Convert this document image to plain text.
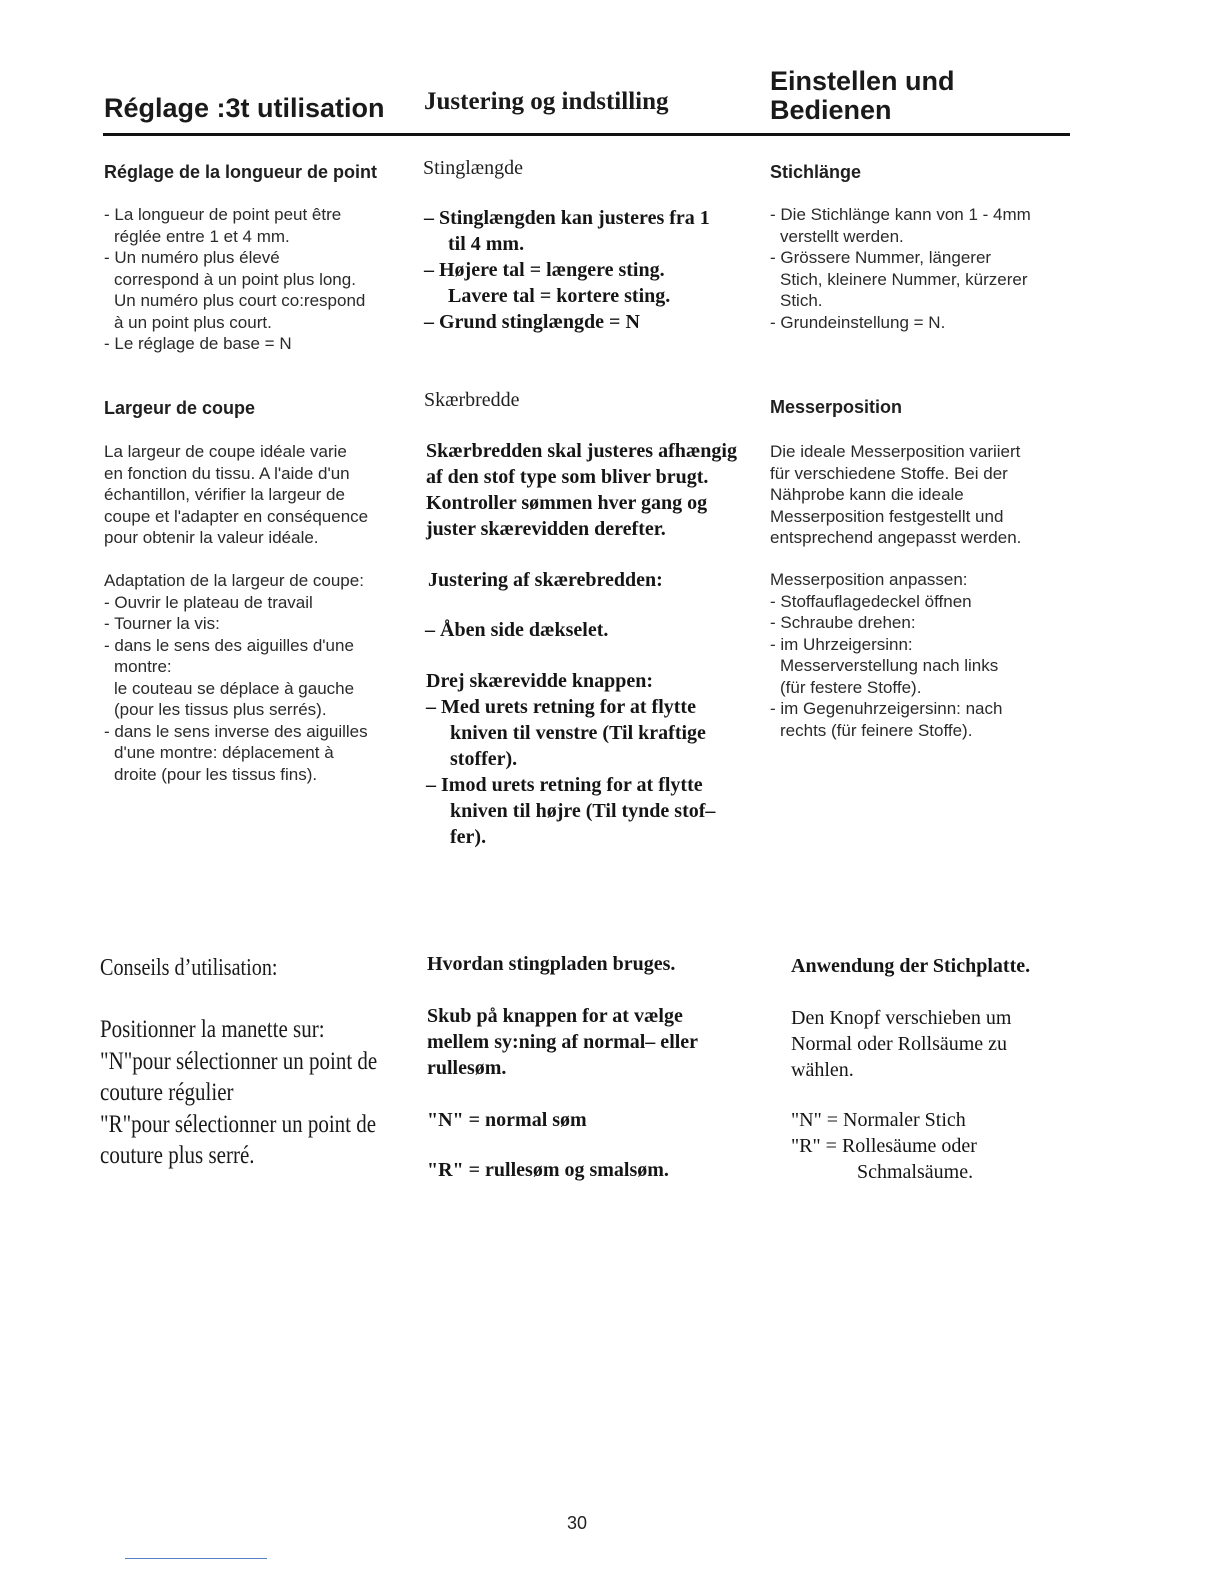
Réglage :3t utilisation Justering og indstilling
Einstellen und
Bedienen
Réglage de la longueur de point Stinglængde	Stichlänge
- La longueur de point peut être
réglée entre 1 et 4 mm.
- Un numéro plus élevé
correspond à un point plus long.
Un numéro plus court co:respond
à un point plus court.
- Le réglage de base = N
– Stinglængden kan justeres fra 1
til 4 mm.
– Højere tal = længere sting.
Lavere tal = kortere sting.
– Grund stinglængde = N
- Die Stichlänge kann von 1 - 4mm
verstellt werden.
- Grössere Nummer, längerer
Stich, kleinere Nummer, kürzerer
Stich.
- Grundeinstellung = N.
Largeur de coupe	Skærbredde	Messerposition
La largeur de coupe idéale varie
en fonction du tissu. A l'aide d'un
échantillon, vérifier la largeur de
coupe et l'adapter en conséquence
pour obtenir la valeur idéale.
Skærbredden skal justeres afhængig
af den stof type som bliver brugt.
Kontroller sømmen hver gang og
juster skærevidden derefter.
Die ideale Messerposition variiert
für verschiedene Stoffe. Bei der
Nähprobe kann die ideale
Messerposition festgestellt und
entsprechend angepasst werden.
Adaptation de la largeur de coupe:
- Ouvrir le plateau de travail
- Tourner la vis:
- dans le sens des aiguilles d'une
montre:
le couteau se déplace à gauche
(pour les tissus plus serrés).
- dans le sens inverse des aiguilles
d'une montre: déplacement à
droite (pour les tissus fins).
Justering af skærebredden:
– Åben side dækselet.
Drej skærevidde knappen:
– Med urets retning for at flytte
kniven til venstre (Til kraftige
stoffer).
– Imod urets retning for at flytte
kniven til højre (Til tynde stof–
fer).
Messerposition anpassen:
- Stoffauflagedeckel öffnen
- Schraube drehen:
- im Uhrzeigersinn:
Messerverstellung nach links
(für festere Stoffe).
- im Gegenuhrzeigersinn: nach
rechts (für feinere Stoffe).
Conseils d’utilisation:
Positionner la manette sur:
"N"pour sélectionner un point de
couture régulier
"R"pour sélectionner un point de
couture plus serré.
Hvordan stingpladen bruges.
Skub på knappen for at vælge
mellem sy:ning af normal– eller
rullesøm.
"N" = normal søm
"R" = rullesøm og smalsøm.
Anwendung der Stichplatte.
Den Knopf verschieben um
Normal oder Rollsäume zu
wählen.
"N" = Normaler Stich
"R" = Rollesäume oder
Schmalsäume.
30
